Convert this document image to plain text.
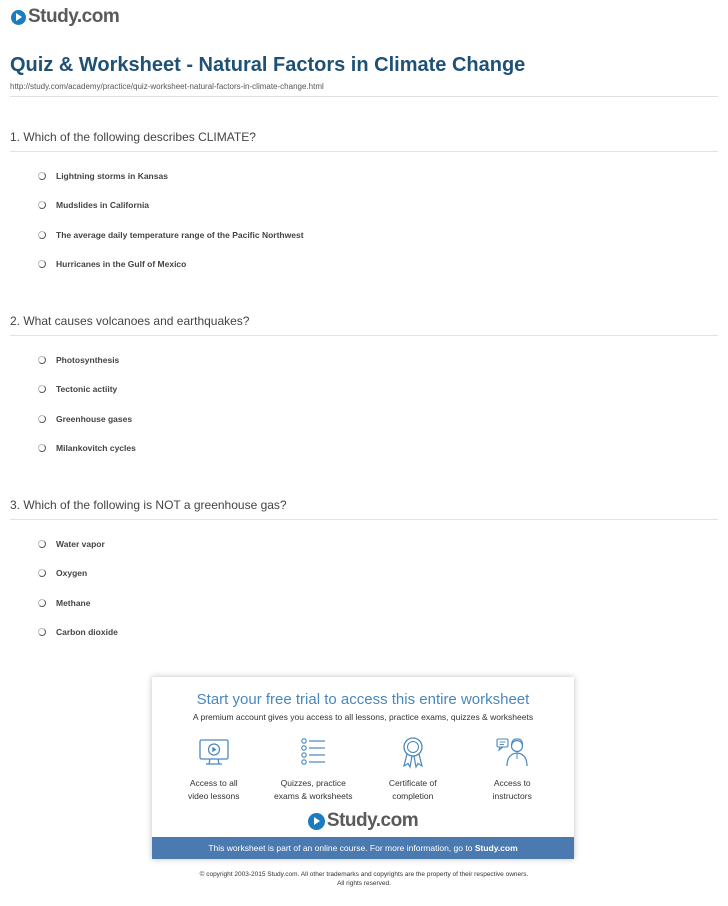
Study.com
Quiz & Worksheet - Natural Factors in Climate Change
http://study.com/academy/practice/quiz-worksheet-natural-factors-in-climate-change.html
1. Which of the following describes CLIMATE?
Lightning storms in Kansas
Mudslides in California
The average daily temperature range of the Pacific Northwest
Hurricanes in the Gulf of Mexico
2. What causes volcanoes and earthquakes?
Photosynthesis
Tectonic actiity
Greenhouse gases
Milankovitch cycles
3. Which of the following is NOT a greenhouse gas?
Water vapor
Oxygen
Methane
Carbon dioxide
Start your free trial to access this entire worksheet
A premium account gives you access to all lessons, practice exams, quizzes & worksheets
Access to all
video lessons
Quizzes, practice
exams & worksheets
Certificate of
completion
Access to
instructors
Study.com
This worksheet is part of an online course. For more information, go to Study.com
© copyright 2003-2015 Study.com. All other trademarks and copyrights are the property of their respective owners.
All rights reserved.
